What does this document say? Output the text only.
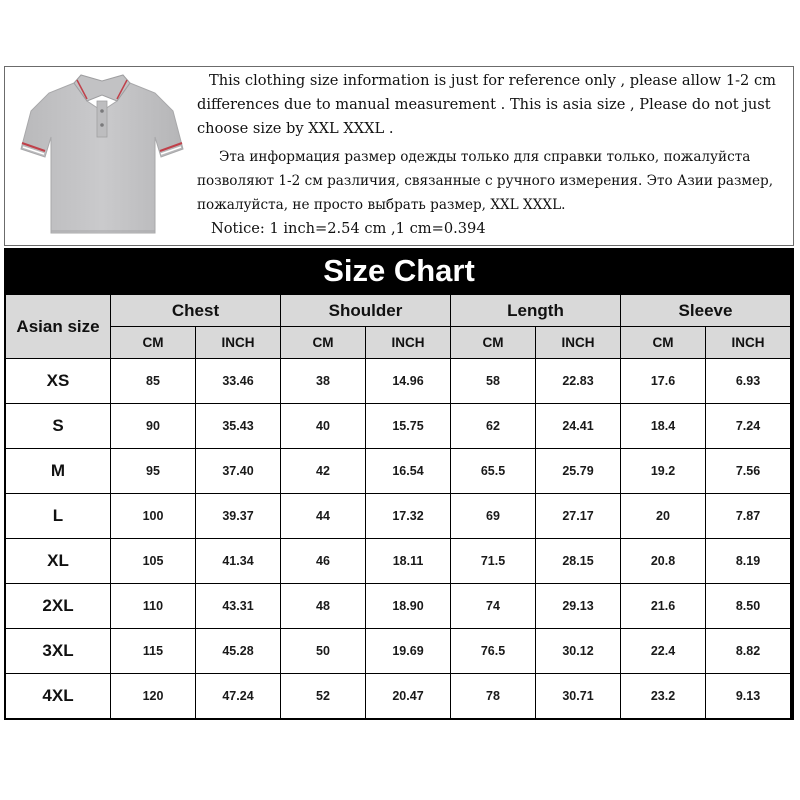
This clothing size information is just for reference only , please allow 1-2 cm differences due to manual measurement . This is asia size , Please do not just choose size by XXL XXXL .

Эта информация размер одежды только для справки только, пожалуйста позволяют 1-2 см различия, связанные с ручного измерения. Это Азии размер, пожалуйста, не просто выбрать размер, XXL XXXL.

Notice: 1 inch=2.54 cm ,1 cm=0.394

Size Chart
Asian size	Chest		Shoulder		Length		Sleeve	
	CM	INCH	CM	INCH	CM	INCH	CM	INCH
XS	85	33.46	38	14.96	58	22.83	17.6	6.93
S	90	35.43	40	15.75	62	24.41	18.4	7.24
M	95	37.40	42	16.54	65.5	25.79	19.2	7.56
L	100	39.37	44	17.32	69	27.17	20	7.87
XL	105	41.34	46	18.11	71.5	28.15	20.8	8.19
2XL	110	43.31	48	18.90	74	29.13	21.6	8.50
3XL	115	45.28	50	19.69	76.5	30.12	22.4	8.82
4XL	120	47.24	52	20.47	78	30.71	23.2	9.13
